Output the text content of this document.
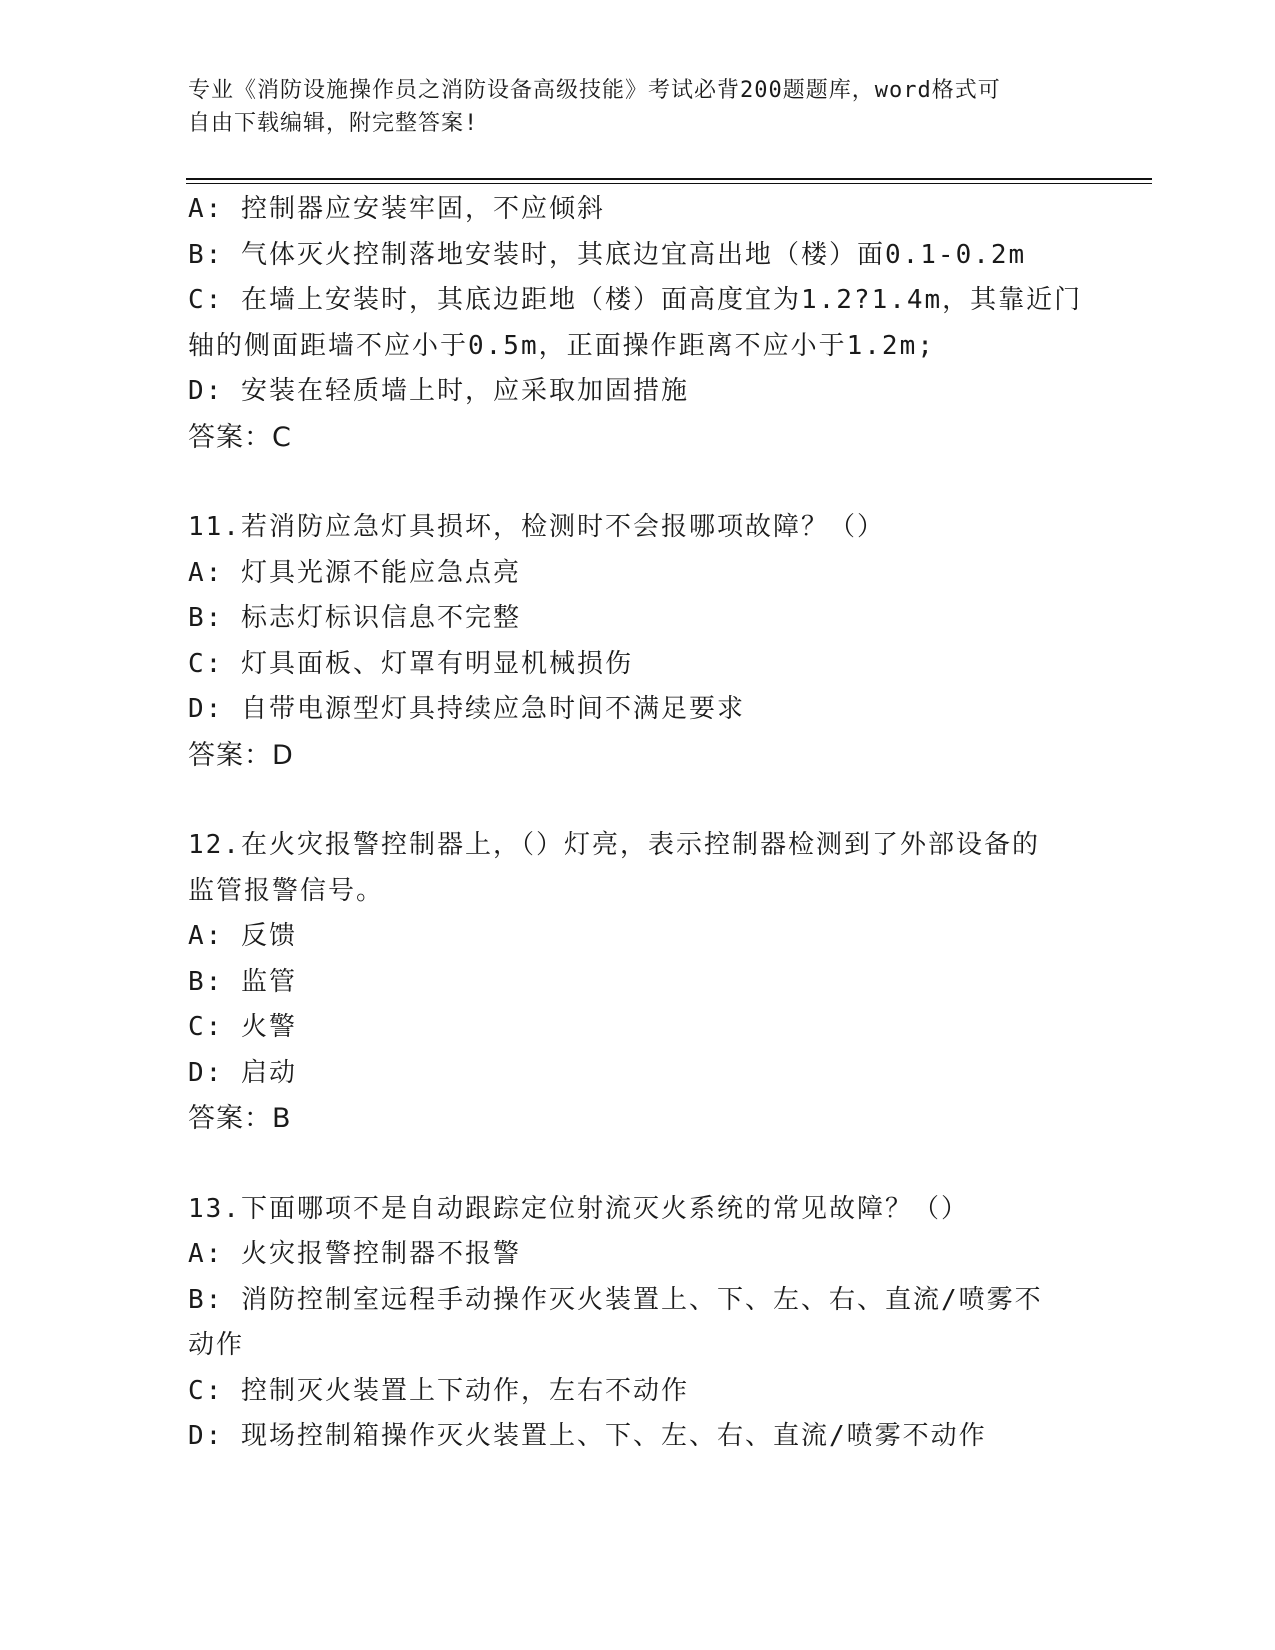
专业《消防设施操作员之消防设备高级技能》考试必背200题题库，word格式可
自由下载编辑，附完整答案!
A: 控制器应安装牢固，不应倾斜
B: 气体灭火控制落地安装时，其底边宜高出地（楼）面0.1-0.2m
C: 在墙上安装时，其底边距地（楼）面高度宜为1.2?1.4m，其靠近门
轴的侧面距墙不应小于0.5m，正面操作距离不应小于1.2m;
D: 安装在轻质墙上时，应采取加固措施
答案：C
11.若消防应急灯具损坏，检测时不会报哪项故障？（）
A: 灯具光源不能应急点亮
B: 标志灯标识信息不完整
C: 灯具面板、灯罩有明显机械损伤
D: 自带电源型灯具持续应急时间不满足要求
答案：D
12.在火灾报警控制器上，（）灯亮，表示控制器检测到了外部设备的
监管报警信号。
A: 反馈
B: 监管
C: 火警
D: 启动
答案：B
13.下面哪项不是自动跟踪定位射流灭火系统的常见故障？（）
A: 火灾报警控制器不报警
B: 消防控制室远程手动操作灭火装置上、下、左、右、直流/喷雾不
动作
C: 控制灭火装置上下动作，左右不动作
D: 现场控制箱操作灭火装置上、下、左、右、直流/喷雾不动作
